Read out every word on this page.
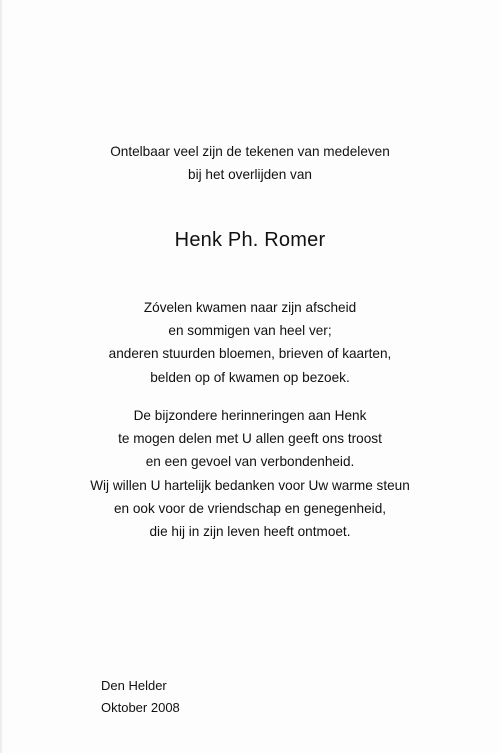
Ontelbaar veel zijn de tekenen van medeleven
bij het overlijden van
Henk Ph. Romer
Zóvelen kwamen naar zijn afscheid
en sommigen van heel ver;
anderen stuurden bloemen, brieven of kaarten,
belden op of kwamen op bezoek.
De bijzondere herinneringen aan Henk
te mogen delen met U allen geeft ons troost
en een gevoel van verbondenheid.
Wij willen U hartelijk bedanken voor Uw warme steun
en ook voor de vriendschap en genegenheid,
die hij in zijn leven heeft ontmoet.
Den Helder
Oktober 2008
